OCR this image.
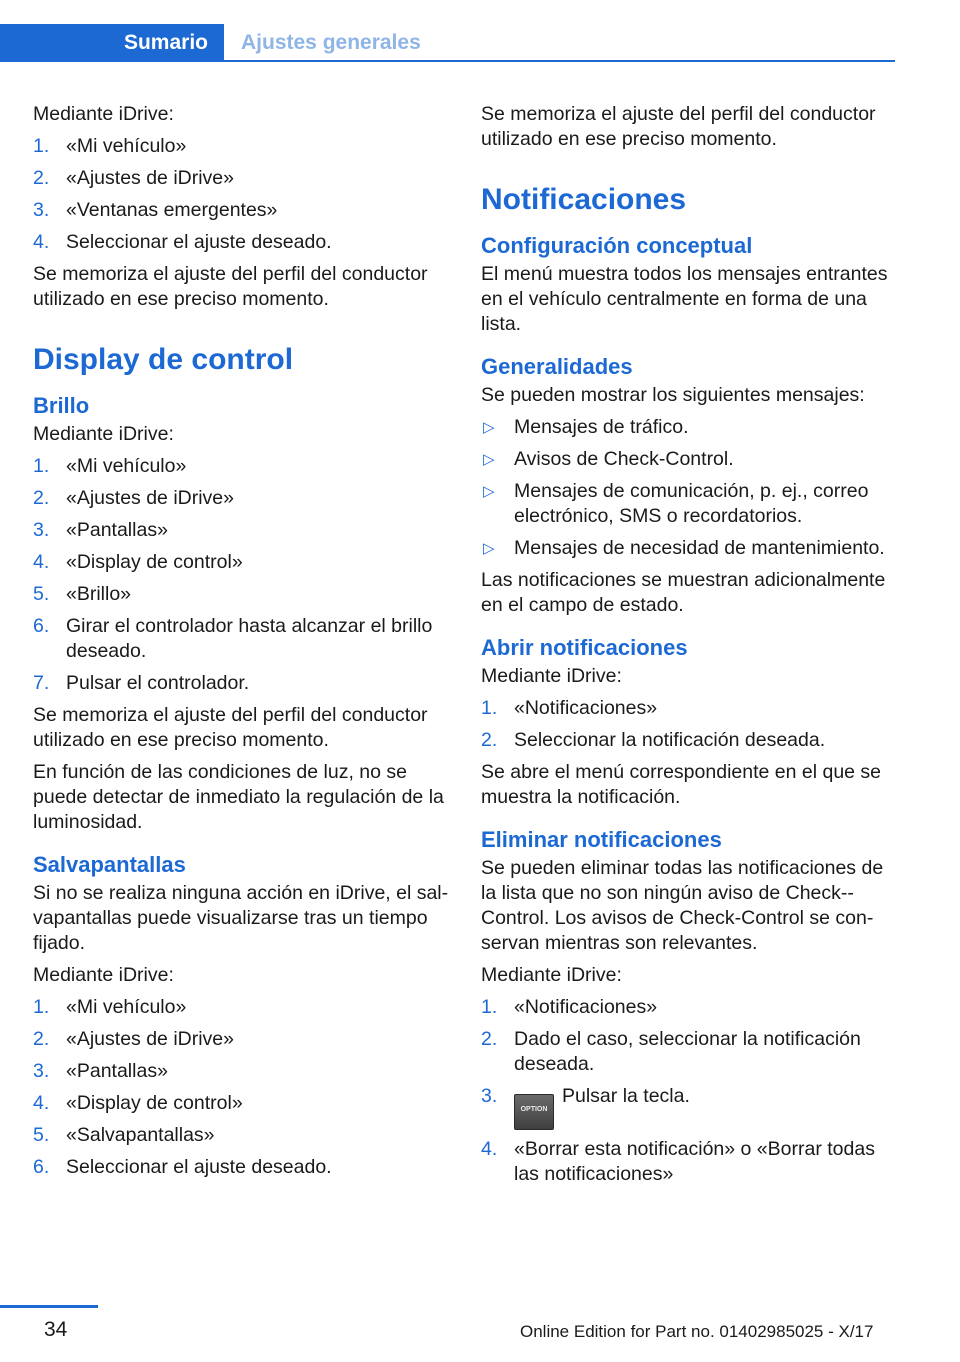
Sumario	Ajustes generales

Mediante iDrive:

1. «Mi vehículo»
2. «Ajustes de iDrive»
3. «Ventanas emergentes»
4. Seleccionar el ajuste deseado.

Se memoriza el ajuste del perfil del conductor utilizado en ese preciso momento.

Display de control
Brillo

Mediante iDrive:

1. «Mi vehículo»
2. «Ajustes de iDrive»
3. «Pantallas»
4. «Display de control»
5. «Brillo»
6. Girar el controlador hasta alcanzar el brillo deseado.
7. Pulsar el controlador.

Se memoriza el ajuste del perfil del conductor utilizado en ese preciso momento.

En función de las condiciones de luz, no se puede detectar de inmediato la regulación de la luminosidad.

Salvapantallas

Si no se realiza ninguna acción en iDrive, el salvapantallas puede visualizarse tras un tiempo fijado.

Mediante iDrive:

1. «Mi vehículo»
2. «Ajustes de iDrive»
3. «Pantallas»
4. «Display de control»
5. «Salvapantallas»
6. Seleccionar el ajuste deseado.

Se memoriza el ajuste del perfil del conductor utilizado en ese preciso momento.

Notificaciones
Configuración conceptual

El menú muestra todos los mensajes entrantes en el vehículo centralmente en forma de una lista.

Generalidades

Se pueden mostrar los siguientes mensajes:

▷ Mensajes de tráfico.
▷ Avisos de Check-Control.
▷ Mensajes de comunicación, p. ej., correo electrónico, SMS o recordatorios.
▷ Mensajes de necesidad de mantenimiento.

Las notificaciones se muestran adicionalmente en el campo de estado.

Abrir notificaciones

Mediante iDrive:

1. «Notificaciones»
2. Seleccionar la notificación deseada.

Se abre el menú correspondiente en el que se muestra la notificación.

Eliminar notificaciones

Se pueden eliminar todas las notificaciones de la lista que no son ningún aviso de Check--Control. Los avisos de Check-Control se conservan mientras son relevantes.

Mediante iDrive:

1. «Notificaciones»
2. Dado el caso, seleccionar la notificación deseada.
3.
OPTIONPulsar la tecla.
4. «Borrar esta notificación» o «Borrar todas las notificaciones»
34	Online Edition for Part no. 01402985025 - X/17
